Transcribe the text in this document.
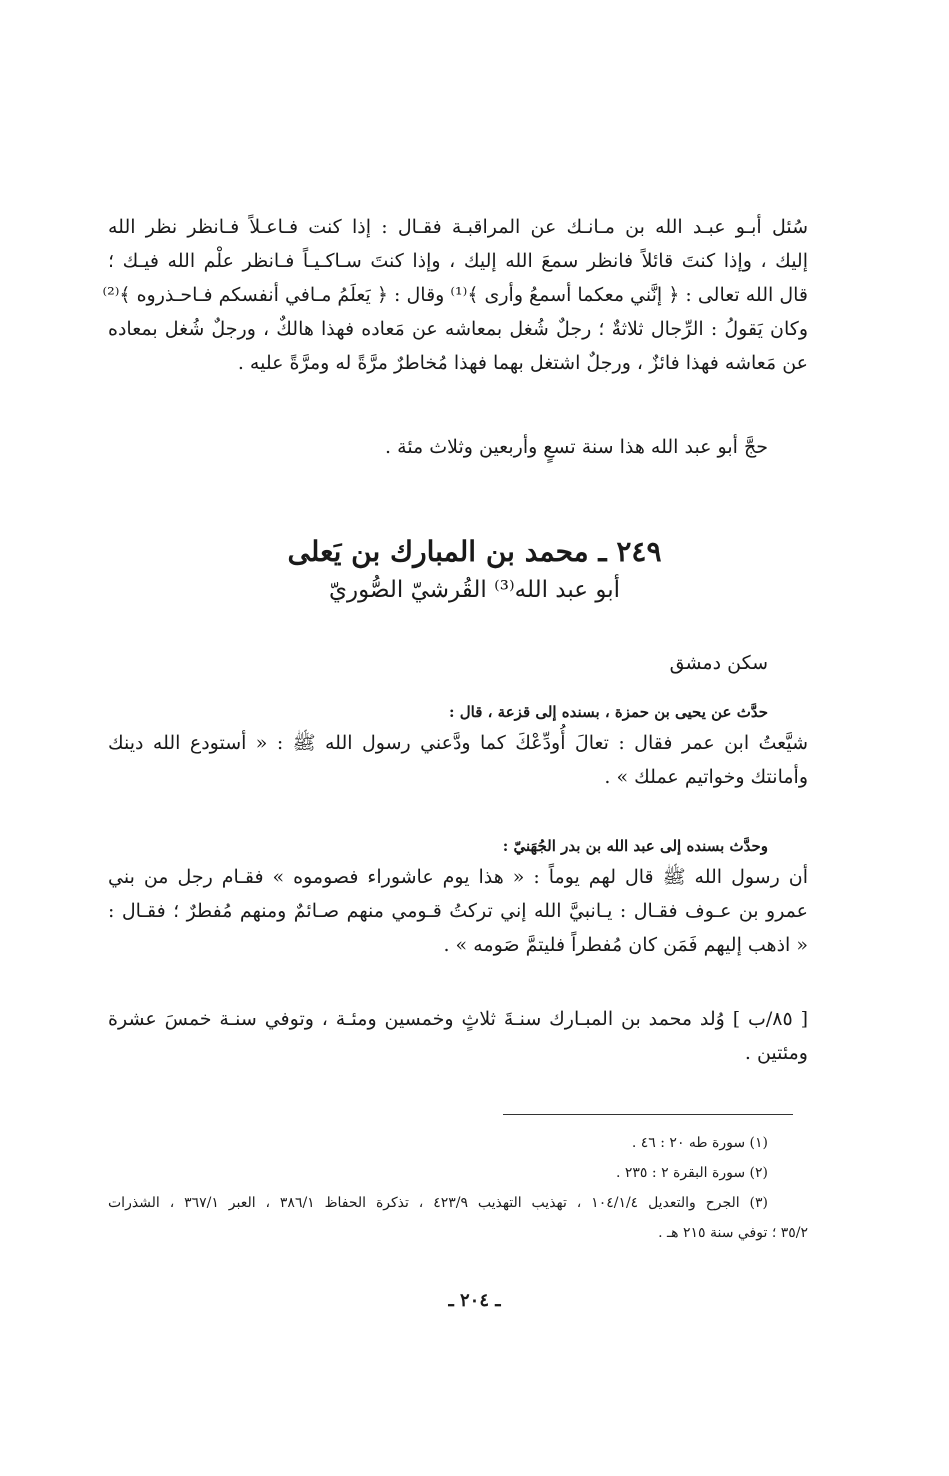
سُئل أبـو عبـد الله بن مـانـك عن المراقبـة فقـال : إذا كنت فـاعـلاً فـانظر نظر الله
إليك ، وإذا كنتَ قائلاً فانظر سمعَ الله إليك ، وإذا كنتَ سـاكـيـاً فـانظر علْم الله فيـك ؛
قال الله تعالى : ﴿ إنَّني معكما أسمعُ وأرى ﴾⁽¹⁾ وقال : ﴿ يَعلَمُ مـافي أنفسكم فـاحـذروه ﴾⁽²⁾
وكان يَقولُ : الرِّجال ثلاثةٌ ؛ رجلٌ شُغل بمعاشه عن مَعاده فهذا هالكٌ ، ورجلٌ شُغل بمعاده
عن مَعاشه فهذا فائزٌ ، ورجلٌ اشتغل بهما فهذا مُخاطرٌ مرَّةً له ومرَّةً عليه .
حجَّ أبو عبد الله هذا سنة تسعٍ وأربعين وثلاث مئة .
٢٤٩ ـ محمد بن المبارك بن يَعلى
أبو عبد الله⁽³⁾ القُرشيّ الصُّوريّ
سكن دمشق
حدَّث عن يحيى بن حمزة ، بسنده إلى قزعة ، قال :
شيَّعتُ ابن عمر فقال : تعالَ أُودِّعْكَ كما ودَّعني رسول الله ﷺ : « أستودع الله دينك
وأمانتك وخواتيم عملك » .
وحدَّث بسنده إلى عبد الله بن بدر الجُهَنيّ :
أن رسول الله ﷺ قال لهم يوماً : « هذا يوم عاشوراء فصوموه » فقـام رجل من بني
عمرو بن عـوف فقـال : يـانبيَّ الله إني تركتُ قـومي منهم صـائمٌ ومنهم مُفطرٌ ؛ فقـال :
« اذهب إليهم فَمَن كان مُفطراً فليتمَّ صَومه » .
[ ٨٥/ب ] وُلد محمد بن المبـارك سنـةَ ثلاثٍ وخمسين ومئـة ، وتوفي سنـة خمسَ عشرة
ومئتين .
(١) سورة طه ٢٠ : ٤٦ .
(٢) سورة البقرة ٢ : ٢٣٥ .
(٣) الجرح والتعديل ١٠٤/١/٤ ، تهذيب التهذيب ٤٢٣/٩ ، تذكرة الحفاظ ٣٨٦/١ ، العبر ٣٦٧/١ ، الشذرات
٣٥/٢ ؛ توفي سنة ٢١٥ هـ .
ـ ٢٠٤ ـ
